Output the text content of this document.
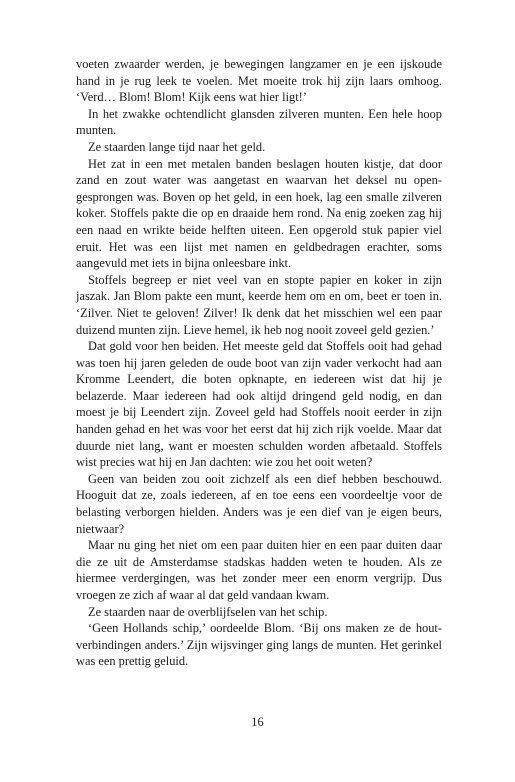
voeten zwaarder werden, je bewegingen langzamer en je een ijskoude hand in je rug leek te voelen. Met moeite trok hij zijn laars omhoog. ‘Verd… Blom! Blom! Kijk eens wat hier ligt!’

In het zwakke ochtendlicht glansden zilveren munten. Een hele hoop munten.

Ze staarden lange tijd naar het geld.

Het zat in een met metalen banden beslagen houten kistje, dat door zand en zout water was aangetast en waarvan het deksel nu opengesprongen was. Boven op het geld, in een hoek, lag een smalle zilveren koker. Stoffels pakte die op en draaide hem rond. Na enig zoeken zag hij een naad en wrikte beide helften uiteen. Een opgerold stuk papier viel eruit. Het was een lijst met namen en geldbedragen erachter, soms aangevuld met iets in bijna onleesbare inkt.

Stoffels begreep er niet veel van en stopte papier en koker in zijn jaszak. Jan Blom pakte een munt, keerde hem om en om, beet er toen in. ‘Zilver. Niet te geloven! Zilver! Ik denk dat het misschien wel een paar duizend munten zijn. Lieve hemel, ik heb nog nooit zoveel geld gezien.’

Dat gold voor hen beiden. Het meeste geld dat Stoffels ooit had gehad was toen hij jaren geleden de oude boot van zijn vader verkocht had aan Kromme Leendert, die boten opknapte, en iedereen wist dat hij je belazerde. Maar iedereen had ook altijd dringend geld nodig, en dan moest je bij Leendert zijn. Zoveel geld had Stoffels nooit eerder in zijn handen gehad en het was voor het eerst dat hij zich rijk voelde. Maar dat duurde niet lang, want er moesten schulden worden afbetaald. Stoffels wist precies wat hij en Jan dachten: wie zou het ooit weten?

Geen van beiden zou ooit zichzelf als een dief hebben beschouwd. Hooguit dat ze, zoals iedereen, af en toe eens een voordeeltje voor de belasting verborgen hielden. Anders was je een dief van je eigen beurs, nietwaar?

Maar nu ging het niet om een paar duiten hier en een paar duiten daar die ze uit de Amsterdamse stadskas hadden weten te houden. Als ze hiermee verdergingen, was het zonder meer een enorm vergrijp. Dus vroegen ze zich af waar al dat geld vandaan kwam.

Ze staarden naar de overblijfselen van het schip.

‘Geen Hollands schip,’ oordeelde Blom. ‘Bij ons maken ze de houtverbindingen anders.’ Zijn wijsvinger ging langs de munten. Het gerinkel was een prettig geluid.

16
